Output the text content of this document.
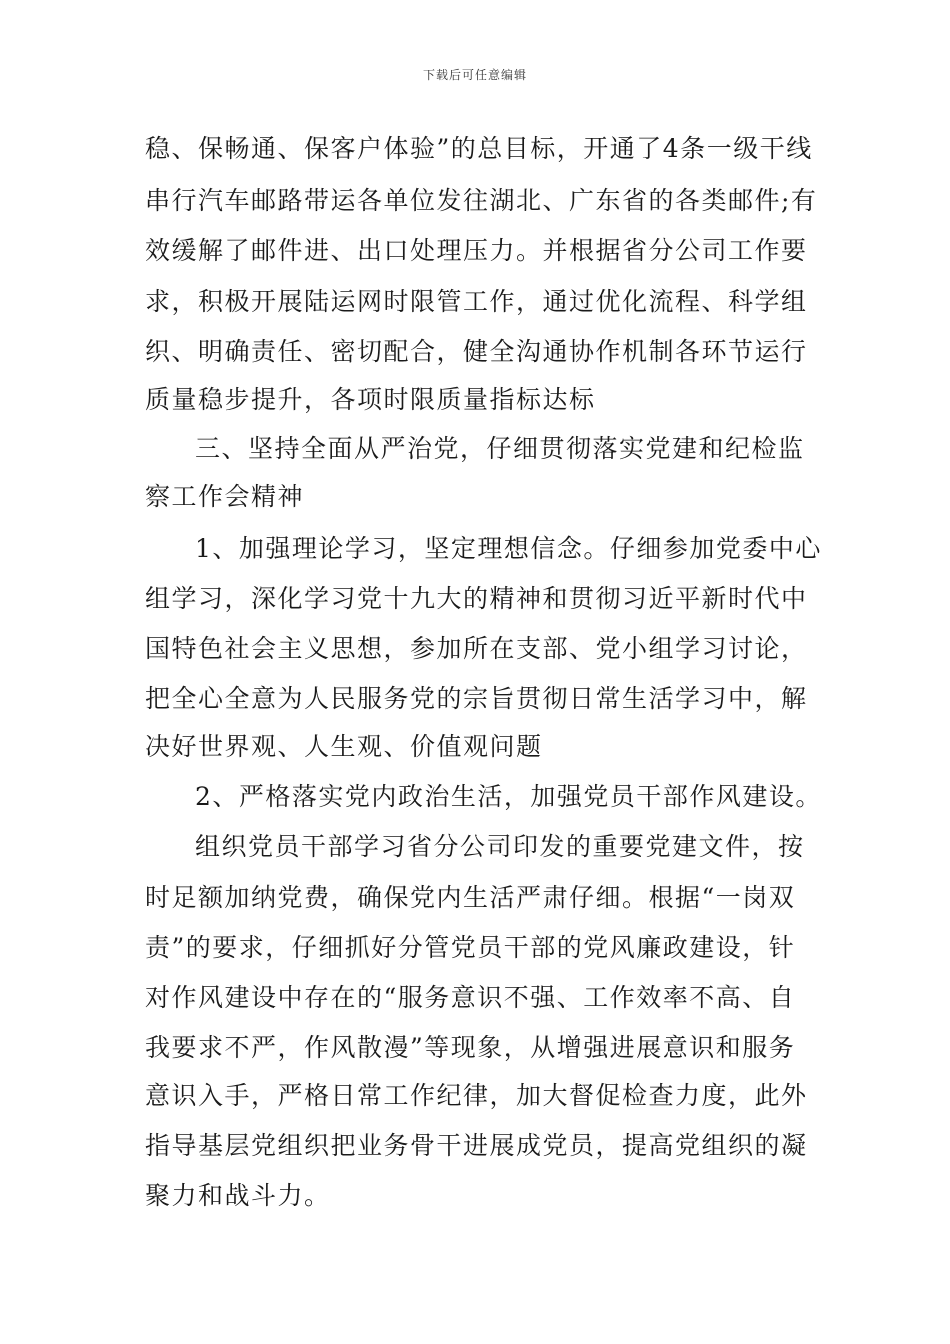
下载后可任意编辑
稳、保畅通、保客户体验”的总目标，开通了4条一级干线
串行汽车邮路带运各单位发往湖北、广东省的各类邮件;有
效缓解了邮件进、出口处理压力。并根据省分公司工作要
求，积极开展陆运网时限管工作，通过优化流程、科学组
织、明确责任、密切配合，健全沟通协作机制各环节运行
质量稳步提升，各项时限质量指标达标
三、坚持全面从严治党，仔细贯彻落实党建和纪检监
察工作会精神
1、加强理论学习，坚定理想信念。仔细参加党委中心
组学习，深化学习党十九大的精神和贯彻习近平新时代中
国特色社会主义思想，参加所在支部、党小组学习讨论，
把全心全意为人民服务党的宗旨贯彻日常生活学习中，解
决好世界观、人生观、价值观问题
2、严格落实党内政治生活，加强党员干部作风建设。
组织党员干部学习省分公司印发的重要党建文件，按
时足额加纳党费，确保党内生活严肃仔细。根据“一岗双
责”的要求，仔细抓好分管党员干部的党风廉政建设，针
对作风建设中存在的“服务意识不强、工作效率不高、自
我要求不严，作风散漫”等现象，从增强进展意识和服务
意识入手，严格日常工作纪律，加大督促检查力度，此外
指导基层党组织把业务骨干进展成党员，提高党组织的凝
聚力和战斗力。
